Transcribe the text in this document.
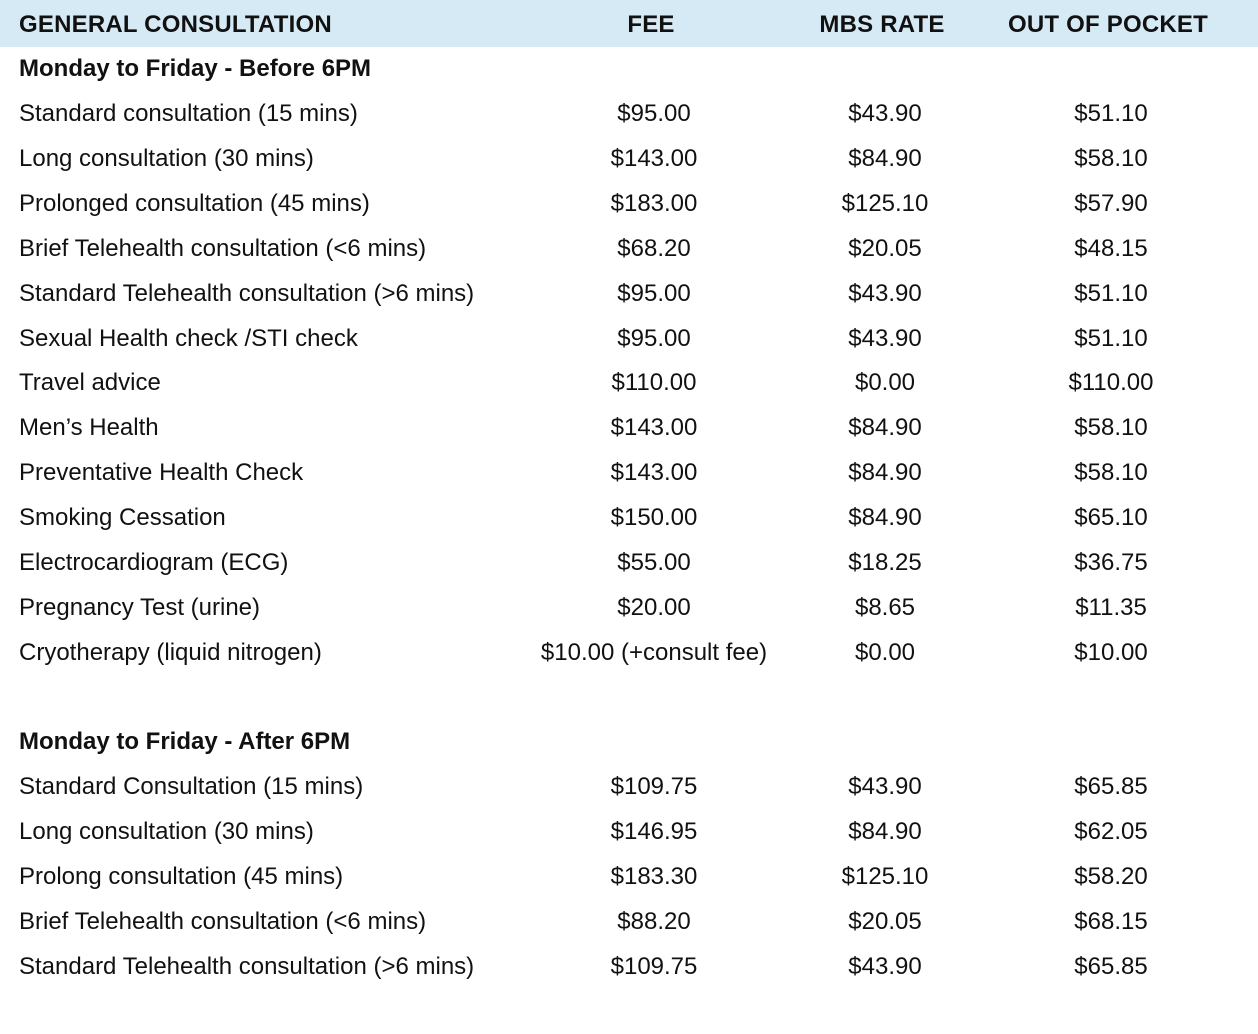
GENERAL CONSULTATION	FEE	MBS RATE	OUT OF POCKET
Monday to Friday - Before 6PM
Standard consultation (15 mins)	$95.00	$43.90	$51.10
Long consultation (30 mins)	$143.00	$84.90	$58.10
Prolonged consultation (45 mins)	$183.00	$125.10	$57.90
Brief Telehealth consultation (<6 mins)	$68.20	$20.05	$48.15
Standard Telehealth consultation (>6 mins)	$95.00	$43.90	$51.10
Sexual Health check /STI check	$95.00	$43.90	$51.10
Travel advice	$110.00	$0.00	$110.00
Men’s Health	$143.00	$84.90	$58.10
Preventative Health Check	$143.00	$84.90	$58.10
Smoking Cessation	$150.00	$84.90	$65.10
Electrocardiogram (ECG)	$55.00	$18.25	$36.75
Pregnancy Test (urine)	$20.00	$8.65	$11.35
Cryotherapy (liquid nitrogen)	$10.00 (+consult fee)	$0.00	$10.00
Monday to Friday - After 6PM
Standard Consultation (15 mins)	$109.75	$43.90	$65.85
Long consultation (30 mins)	$146.95	$84.90	$62.05
Prolong consultation (45 mins)	$183.30	$125.10	$58.20
Brief Telehealth consultation (<6 mins)	$88.20	$20.05	$68.15
Standard Telehealth consultation (>6 mins)	$109.75	$43.90	$65.85
